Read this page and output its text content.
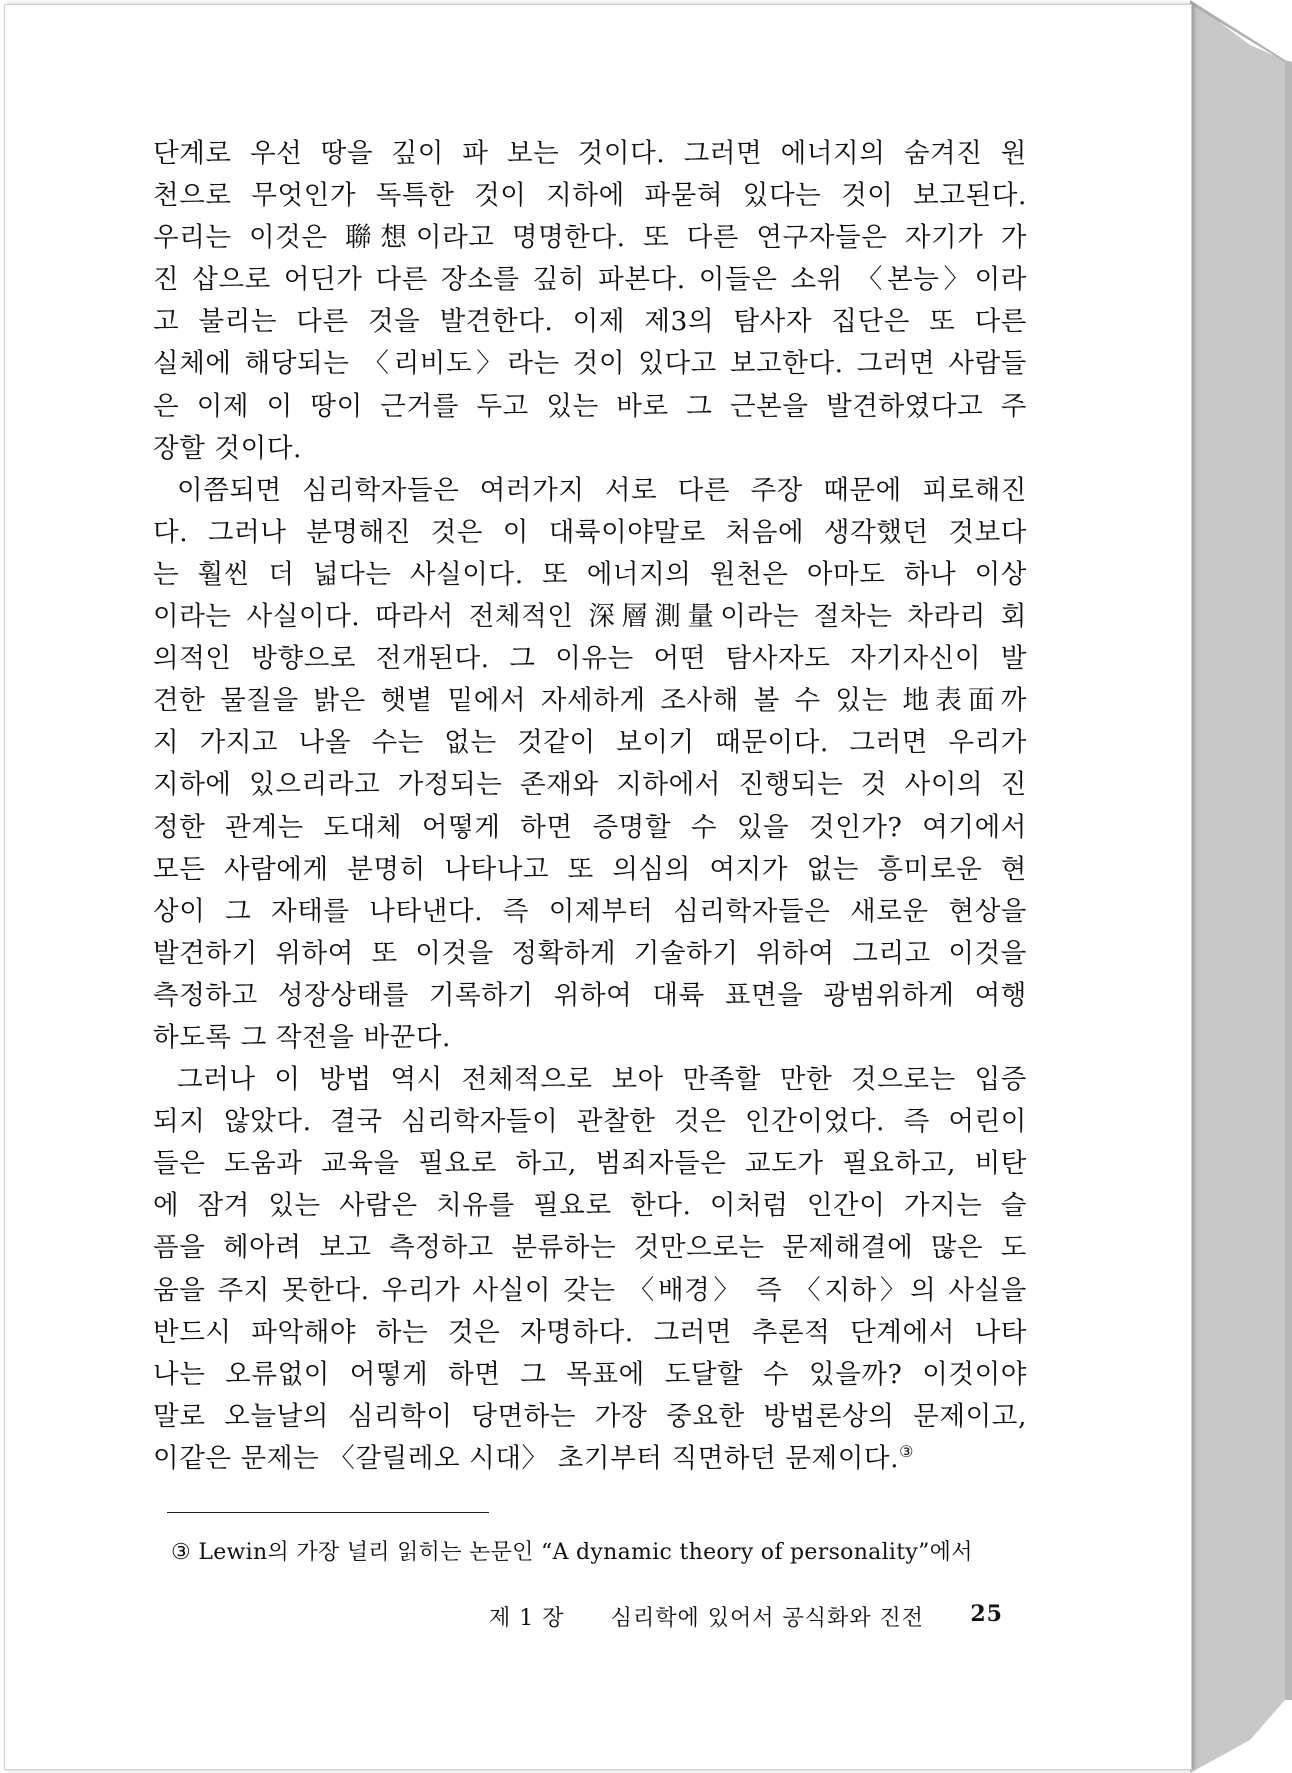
단계로 우선 땅을 깊이 파 보는 것이다. 그러면 에너지의 숨겨진 원
천으로 무엇인가 독특한 것이 지하에 파묻혀 있다는 것이 보고된다.
우리는 이것은 聯想이라고 명명한다. 또 다른 연구자들은 자기가 가
진 삽으로 어딘가 다른 장소를 깊히 파본다. 이들은 소위 〈본능〉이라
고 불리는 다른 것을 발견한다. 이제 제3의 탐사자 집단은 또 다른
실체에 해당되는 〈리비도〉라는 것이 있다고 보고한다. 그러면 사람들
은 이제 이 땅이 근거를 두고 있는 바로 그 근본을 발견하였다고 주
장할 것이다.
이쯤되면 심리학자들은 여러가지 서로 다른 주장 때문에 피로해진
다. 그러나 분명해진 것은 이 대륙이야말로 처음에 생각했던 것보다
는 훨씬 더 넓다는 사실이다. 또 에너지의 원천은 아마도 하나 이상
이라는 사실이다. 따라서 전체적인 深層測量이라는 절차는 차라리 회
의적인 방향으로 전개된다. 그 이유는 어떤 탐사자도 자기자신이 발
견한 물질을 밝은 햇볕 밑에서 자세하게 조사해 볼 수 있는 地表面까
지 가지고 나올 수는 없는 것같이 보이기 때문이다. 그러면 우리가
지하에 있으리라고 가정되는 존재와 지하에서 진행되는 것 사이의 진
정한 관계는 도대체 어떻게 하면 증명할 수 있을 것인가? 여기에서
모든 사람에게 분명히 나타나고 또 의심의 여지가 없는 흥미로운 현
상이 그 자태를 나타낸다. 즉 이제부터 심리학자들은 새로운 현상을
발견하기 위하여 또 이것을 정확하게 기술하기 위하여 그리고 이것을
측정하고 성장상태를 기록하기 위하여 대륙 표면을 광범위하게 여행
하도록 그 작전을 바꾼다.
그러나 이 방법 역시 전체적으로 보아 만족할 만한 것으로는 입증
되지 않았다. 결국 심리학자들이 관찰한 것은 인간이었다. 즉 어린이
들은 도움과 교육을 필요로 하고, 범죄자들은 교도가 필요하고, 비탄
에 잠겨 있는 사람은 치유를 필요로 한다. 이처럼 인간이 가지는 슬
픔을 헤아려 보고 측정하고 분류하는 것만으로는 문제해결에 많은 도
움을 주지 못한다. 우리가 사실이 갖는 〈배경〉 즉 〈지하〉의 사실을
반드시 파악해야 하는 것은 자명하다. 그러면 추론적 단계에서 나타
나는 오류없이 어떻게 하면 그 목표에 도달할 수 있을까? 이것이야
말로 오늘날의 심리학이 당면하는 가장 중요한 방법론상의 문제이고,
이같은 문제는 〈갈릴레오 시대〉 초기부터 직면하던 문제이다.③
③ Lewin의 가장 널리 읽히는 논문인 “A dynamic theory of personality”에서
제 1 장 심리학에 있어서 공식화와 진전 25
